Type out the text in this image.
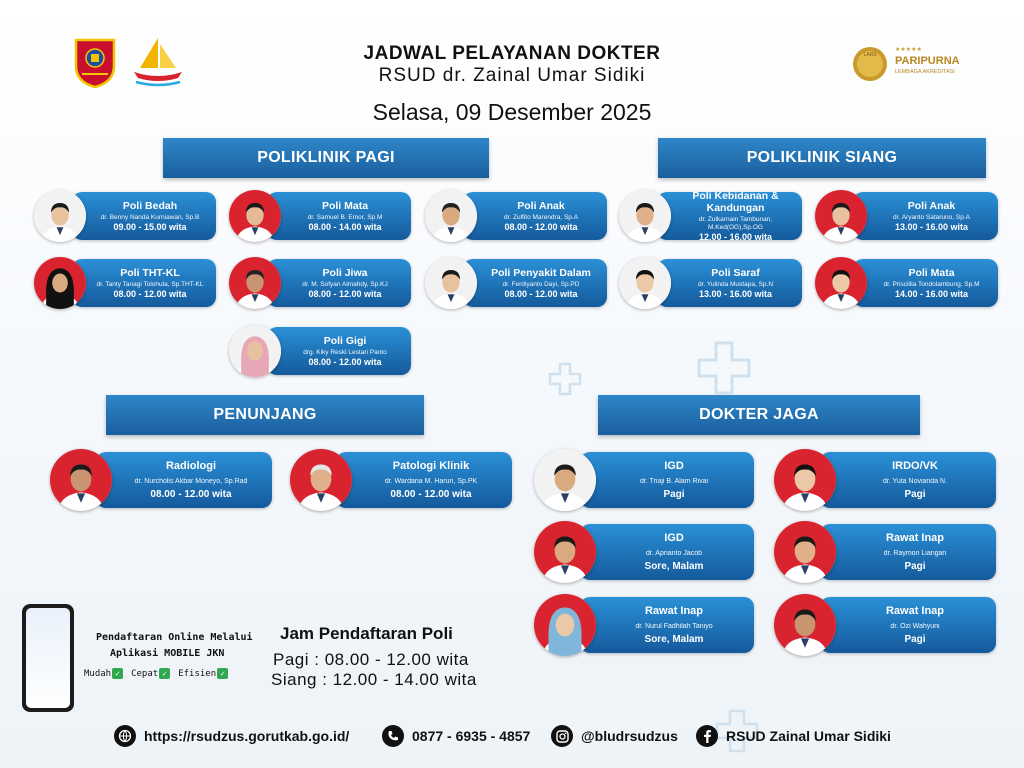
LARS
★★★★★
PARIPURNA
LEMBAGA AKREDITASI
JADWAL PELAYANAN DOKTER
RSUD dr. Zainal Umar Sidiki
Selasa, 09 Desember 2025
POLIKLINIK PAGI	POLIKLINIK SIANG
PENUNJANG	DOKTER JAGA
Poli Bedah
dr. Benny Nanda Kurniawan, Sp.B
09.00 - 15.00 wita
Poli Mata
dr. Samuel B. Emor, Sp.M
08.00 - 14.00 wita
Poli Anak
dr. Zulfito Marendra, Sp.A
08.00 - 12.00 wita
Poli THT-KL
dr. Tanty Tanagi Tolohula, Sp.THT-KL
08.00 - 12.00 wita
Poli Jiwa
dr. M. Sofyan Almahdy, Sp.KJ
08.00 - 12.00 wita
Poli Penyakit Dalam
dr. Ferdiyanto Dayi, Sp.PD
08.00 - 12.00 wita
Poli Gigi
drg. Kiky Reski Lestari Panto
08.00 - 12.00 wita
Poli Kebidanan & Kandungan
dr. Zulkarnain Tambunan, M.Ked(OG),Sp.OG
12.00 - 16.00 wita
Poli Anak
dr. Aryanto Sataruno, Sp.A
13.00 - 16.00 wita
Poli Saraf
dr. Yulinda Mustapa, Sp.N
13.00 - 16.00 wita
Poli Mata
dr. Priscillia Tondolambung, Sp.M
14.00 - 16.00 wita
Radiologi
dr. Nurcholis Akbar Moneyo, Sp.Rad
08.00 - 12.00 wita
Patologi Klinik
dr. Wardana M. Harun, Sp.PK
08.00 - 12.00 wita
IGD
dr. Triaji B. Alam Rivai
Pagi
IRDO/VK
dr. Yuta Novianda N.
Pagi
IGD
dr. Aprianto Jacob
Sore, Malam
Rawat Inap
dr. Raymon Liangan
Pagi
Rawat Inap
dr. Nurul Fadhilah Taniyo
Sore, Malam
Rawat Inap
dr. Ozi Wahyuni
Pagi
Pendaftaran Online Melalui
Aplikasi MOBILE JKN
Mudah ✓	Cepat ✓	Efisien ✓
Jam Pendaftaran Poli
Pagi : 08.00 - 12.00 wita
Siang : 12.00 - 14.00 wita
https://rsudzus.gorutkab.go.id/	0877 - 6935 - 4857	@bludrsudzus	RSUD Zainal Umar Sidiki
